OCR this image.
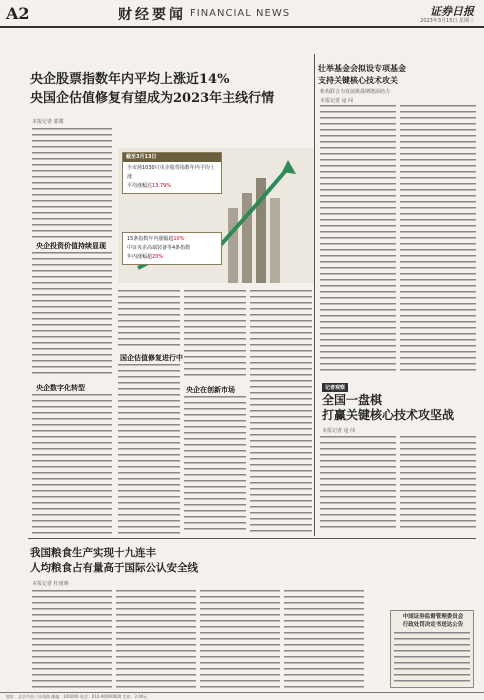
A2	财经要闻 FINANCIAL NEWS	证券日报
2023年3月15日 星期三
央企股票指数年内平均上涨近14%
央国企估值修复有望成为2023年主线行情
本报记者 郭冀
央企投资价值持续显现
央企数字化转型
截至3月13日
全市场1030只央企股票指数年内平均上涨
平均涨幅达13.79%
15条指数年内涨幅超10%
中证央企高端装备等4条指数
年内涨幅超20%
国企估值修复进行中
央企在创新市场
壮举基金会拟设专项基金
支持关键核心技术攻关
机构联合为发展挑战期增添助力
本报记者 逯 闯
记者观察
全国一盘棋
打赢关键核心技术攻坚战
本报记者 逯 闯
我国粮食生产实现十九连丰
人均粮食占有量高于国际公认安全线
本报记者 杜雨萌
中国证券监督管理委员会
行政处罚决定书送达公告
地址：北京市西三环南路 邮编：100000 电话：010-00000000 定价：2.00元
